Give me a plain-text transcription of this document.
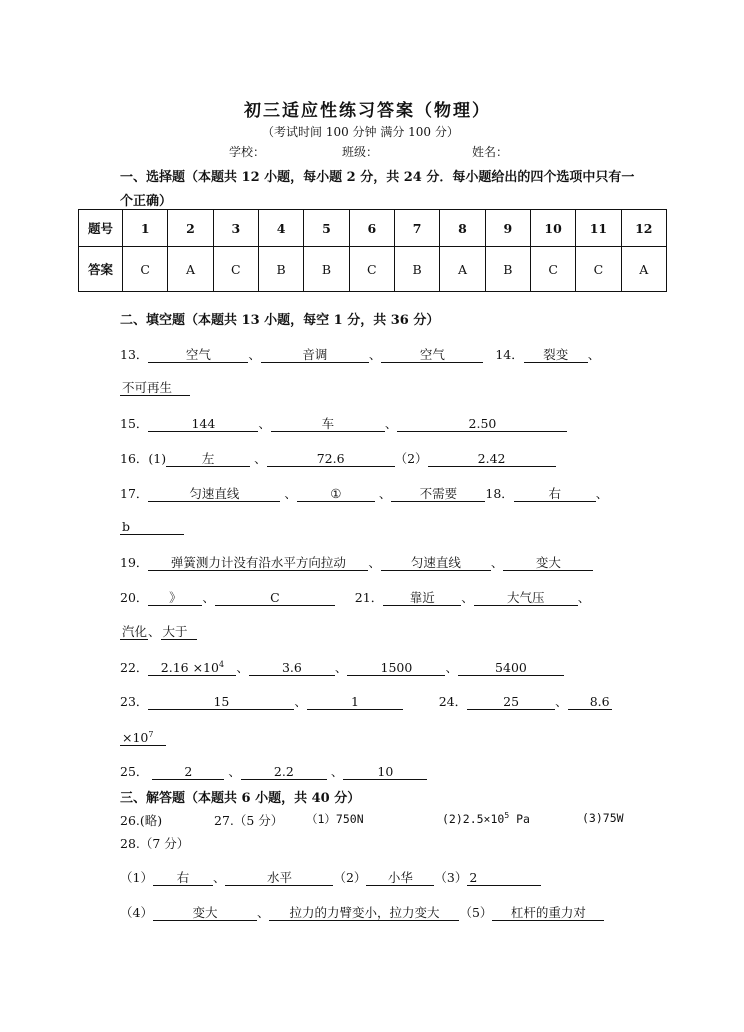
初三适应性练习答案（物理）
（考试时间 100 分钟 满分 100 分）
学校：	班级：	姓名：
一、选择题（本题共 12 小题，每小题 2 分，共 24 分．每小题给出的四个选项中只有一
个正确）
题号	1	2	3	4	5	6	7	8	9	10	11	12
答案	C	A	C	B	B	C	B	A	B	C	C	A
二、填空题（本题共 13 小题，每空 1 分，共 36 分）
13．	空气	、	音调	、	空气	14． 裂变 、
不可再生
15．	144	、	车	、	2.50
16．(1)	左	、	72.6	（2）	2.42
17．	匀速直线	、	①	、 不需要 18．	右	、
b
19． 弹簧测力计没有沿水平方向拉动 、 匀速直线 、	变大
20． 》 、	C	21． 靠近 、	大气压	、
汽化、 大于
22． $2.16 \times 10^4$ 、	3.6	、	1500	、	5400
23．	15	、	1	24．	25	、 8.6
$\times 10^7$
25．	2	、	2.2	、	10
三、解答题（本题共 6 小题，共 40 分）
26.(略)	27.（5 分） （1）750N	$(2)2.5\times 10^5$ Pa	(3)75W
28.（7 分）
（1） 右 、	水平	（2） 小华 （3） 2
（4）	变大	、 拉力的力臂变小，拉力变大 （5） 杠杆的重力对
